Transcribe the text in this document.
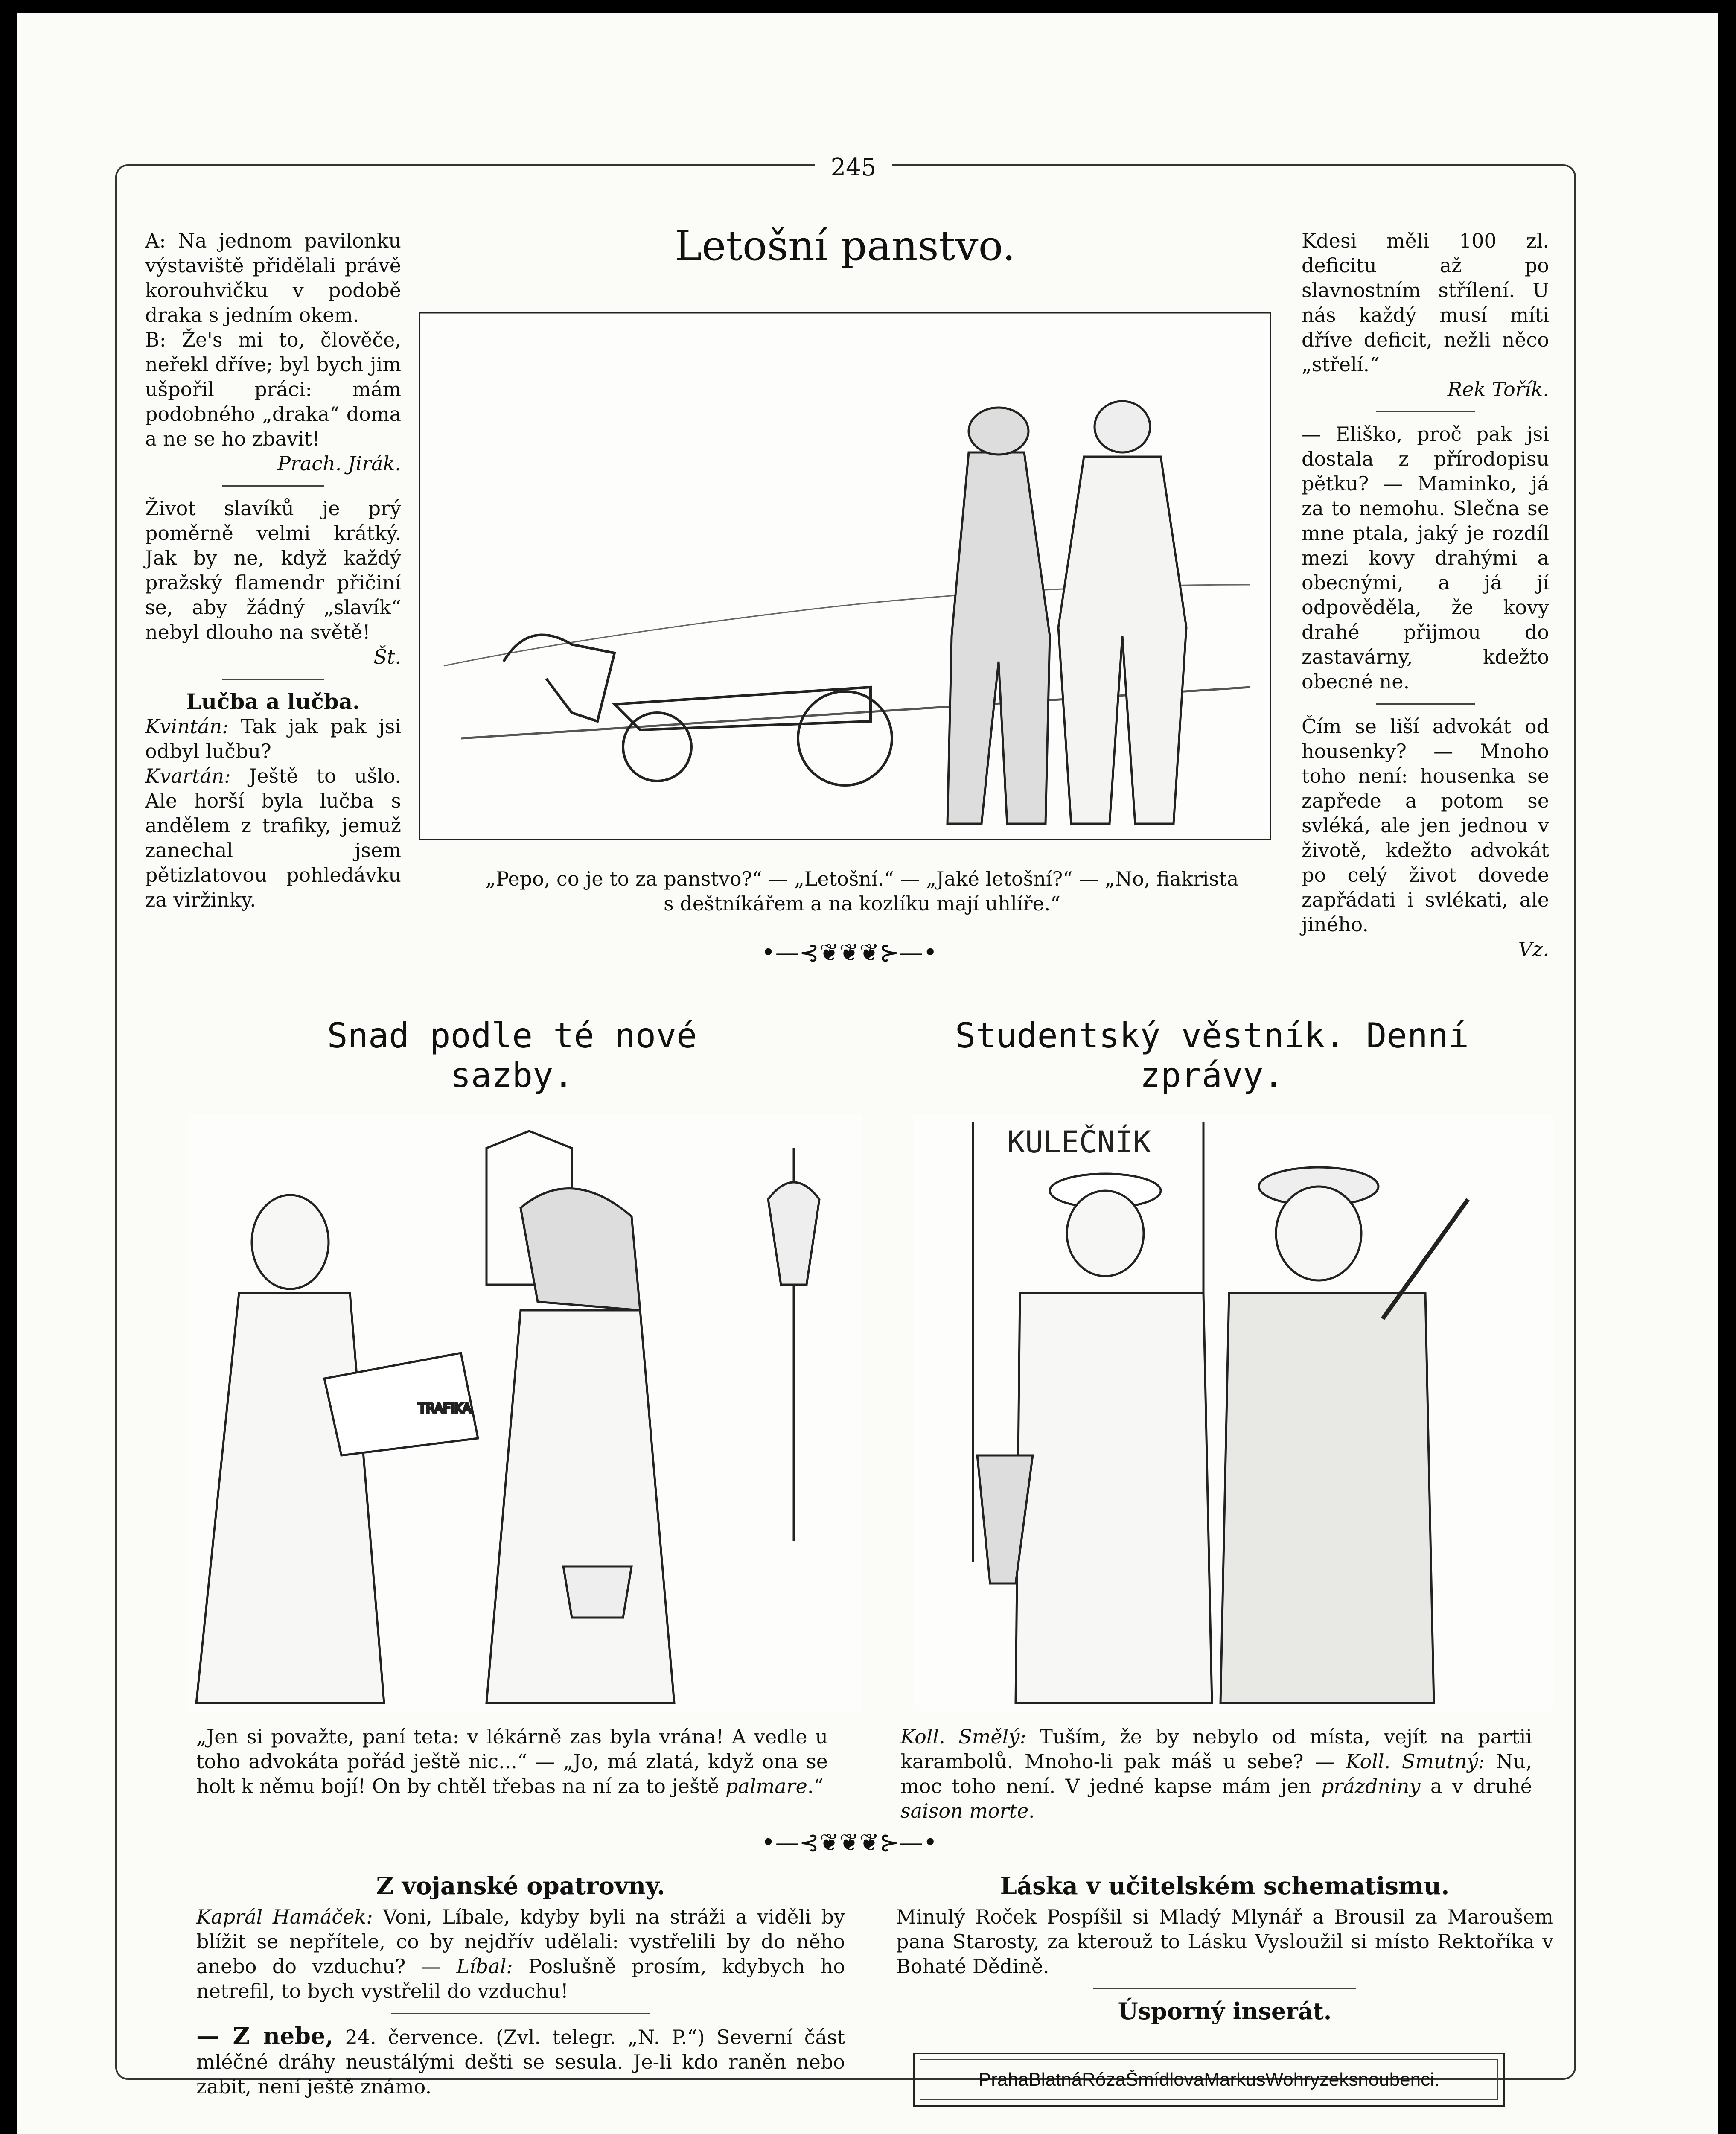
245

A: Na jednom pavilonku výstaviště přidělali právě korouhvičku v podobě draka s jedním okem.

B: Že's mi to, člověče, neřekl dříve; byl bych jim ušpořil práci: mám podobného „draka“ doma a ne se ho zbavit!

Prach. Jirák.

Život slavíků je prý poměrně velmi krátký. Jak by ne, když každý pražský flamendr přičiní se, aby žádný „slavík“ nebyl dlouho na světě!

Št.

Lučba a lučba.

Kvintán: Tak jak pak jsi odbyl lučbu?

Kvartán: Ještě to ušlo. Ale horší byla lučba s andělem z trafiky, jemuž zanechal jsem pětizlatovou pohledávku za viržinky.

Letošní panstvo.
„Pepo, co je to za panstvo?“ — „Letošní.“ — „Jaké letošní?“ — „No, fiakrista s deštníkářem a na kozlíku mají uhlíře.“

Kdesi měli 100 zl. deficitu až po slavnostním střílení. U nás každý musí míti dříve deficit, nežli něco „střelí.“

Rek Tořík.

— Eliško, proč pak jsi dostala z přírodopisu pětku? — Maminko, já za to nemohu. Slečna se mne ptala, jaký je rozdíl mezi kovy drahými a obecnými, a já jí odpověděla, že kovy drahé přijmou do zastavárny, kdežto obecné ne.

Čím se liší advokát od housenky? — Mnoho toho není: housenka se zapřede a potom se svléká, ale jen jednou v životě, kdežto advokát po celý život dovede zapřádati i svlékati, ale jiného.

Vz.

•—⊰❦❦❦⊱—•
Snad podle té nové sazby.
TRAFIKA
„Jen si považte, paní teta: v lékárně zas byla vrána! A vedle u toho advokáta pořád ještě nic...“ — „Jo, má zlatá, když ona se holt k němu bojí! On by chtěl třebas na ní za to ještě palmare.“
Studentský věstník. Denní zprávy.
KULEČNÍK
Koll. Smělý: Tuším, že by nebylo od místa, vejít na partii karambolů. Mnoho-li pak máš u sebe? — Koll. Smutný: Nu, moc toho není. V jedné kapse mám jen prázdniny a v druhé saison morte.
•—⊰❦❦❦⊱—•

Z vojanské opatrovny.

Kaprál Hamáček: Voni, Líbale, kdyby byli na stráži a viděli by blížit se nepřítele, co by nejdřív udělali: vystřelili by do něho anebo do vzduchu? — Líbal: Poslušně prosím, kdybych ho netrefil, to bych vystřelil do vzduchu!

— Z nebe, 24. července. (Zvl. telegr. „N. P.“) Severní část mléčné dráhy neustálými dešti se sesula. Je-li kdo raněn nebo zabit, není ještě známo.

Láska v učitelském schematismu.

Minulý Roček Pospíšil si Mladý Mlynář a Brousil za Maroušem pana Starosty, za kterouž to Lásku Vysloužil si místo Rektoříka v Bohaté Dědině.

Úsporný inserát.

PrahaBlatnáRózaŠmídlovaMarkusWohryzeksnoubenci.
